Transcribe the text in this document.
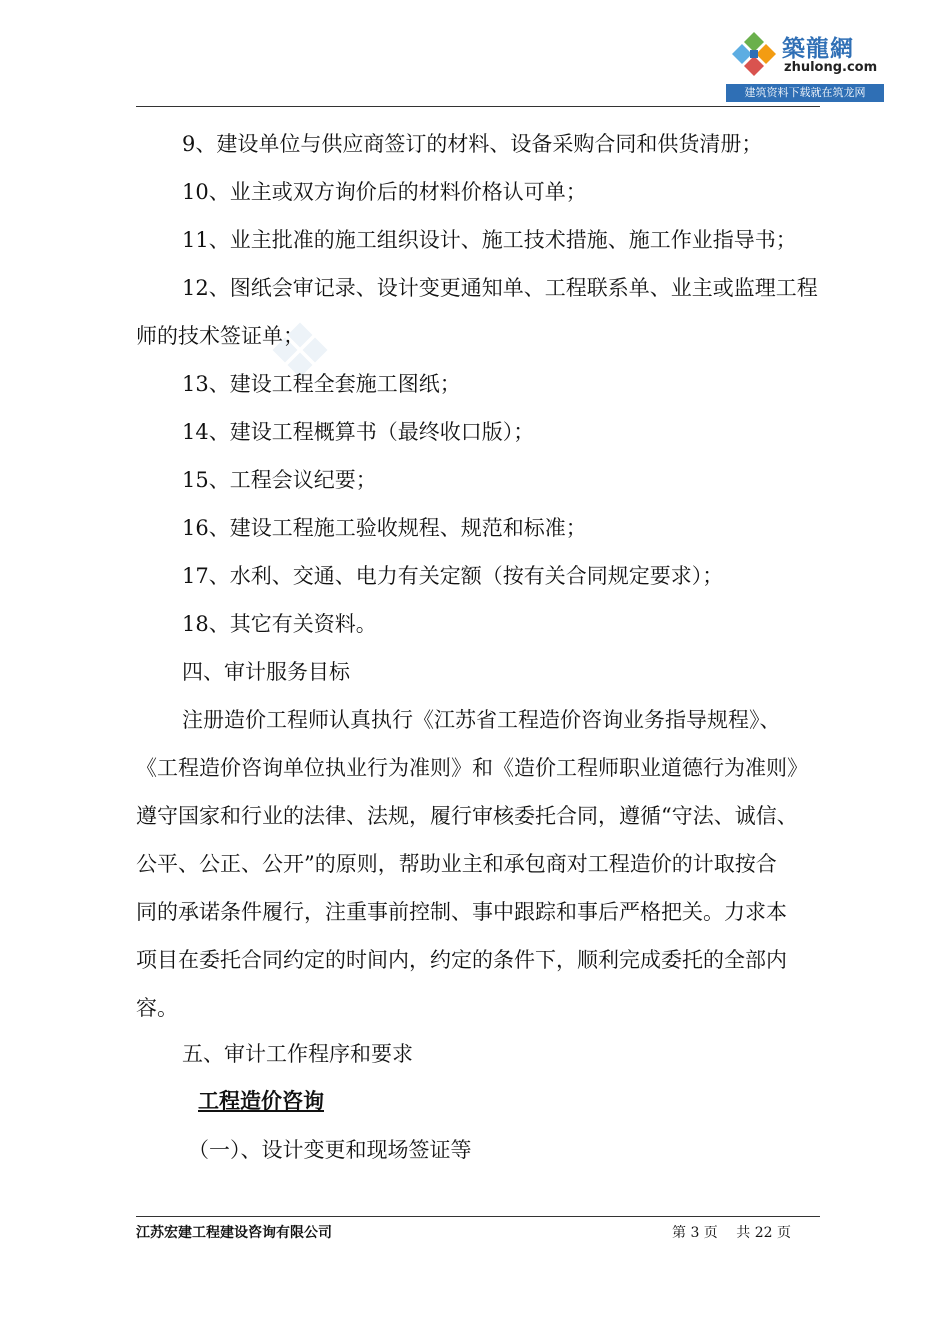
築龍網
zhulong.com
建筑资料下载就在筑龙网
9、建设单位与供应商签订的材料、设备采购合同和供货清册；
10、业主或双方询价后的材料价格认可单；
11、业主批准的施工组织设计、施工技术措施、施工作业指导书；
12、图纸会审记录、设计变更通知单、工程联系单、业主或监理工程
师的技术签证单；
13、建设工程全套施工图纸；
14、建设工程概算书（最终收口版）；
15、工程会议纪要；
16、建设工程施工验收规程、规范和标准；
17、水利、交通、电力有关定额（按有关合同规定要求）；
18、其它有关资料。
四、审计服务目标
注册造价工程师认真执行《江苏省工程造价咨询业务指导规程》、
《工程造价咨询单位执业行为准则》和《造价工程师职业道德行为准则》
遵守国家和行业的法律、法规，履行审核委托合同，遵循“守法、诚信、
公平、公正、公开”的原则，帮助业主和承包商对工程造价的计取按合
同的承诺条件履行，注重事前控制、事中跟踪和事后严格把关。力求本
项目在委托合同约定的时间内，约定的条件下，顺利完成委托的全部内
容。
五、审计工作程序和要求
工程造价咨询
（一）、设计变更和现场签证等
江苏宏建工程建设咨询有限公司	第 3 页　 共 22 页
